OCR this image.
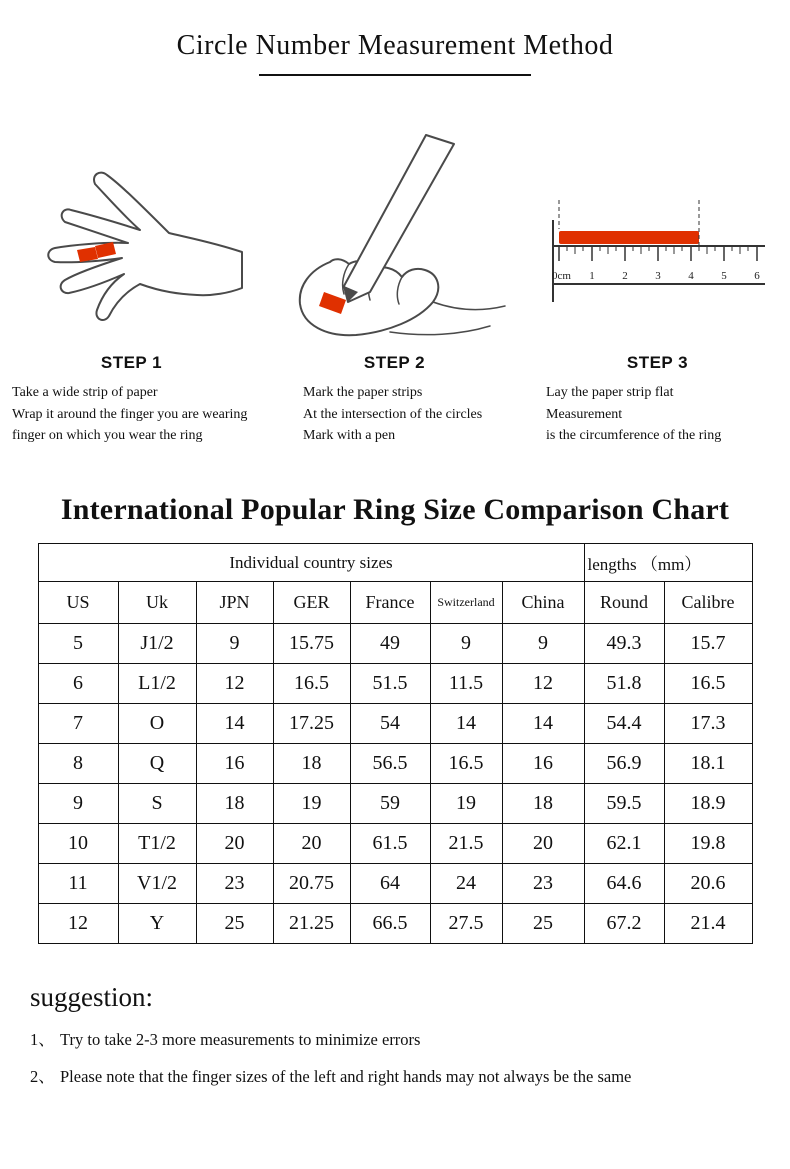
Circle Number Measurement Method
STEP 1
Take a wide strip of paper
Wrap it around the finger you are wearing
finger on which you wear the ring
STEP 2
Mark the paper strips
At the intersection of the circles
Mark with a pen
0cm 1	2	3	4	5	6
STEP 3
Lay the paper strip flat
Measurement
is the circumference of the ring
International Popular Ring Size Comparison Chart
Individual country sizes							lengths （mm）	
US	Uk	JPN	GER	France	Switzerland	China	Round	Calibre
5	J1/2	9	15.75	49	9	9	49.3	15.7
6	L1/2	12	16.5	51.5	11.5	12	51.8	16.5
7	O	14	17.25	54	14	14	54.4	17.3
8	Q	16	18	56.5	16.5	16	56.9	18.1
9	S	18	19	59	19	18	59.5	18.9
10	T1/2	20	20	61.5	21.5	20	62.1	19.8
11	V1/2	23	20.75	64	24	23	64.6	20.6
12	Y	25	21.25	66.5	27.5	25	67.2	21.4
suggestion:
1、 Try to take 2-3 more measurements to minimize errors
2、 Please note that the finger sizes of the left and right hands may not always be the same
